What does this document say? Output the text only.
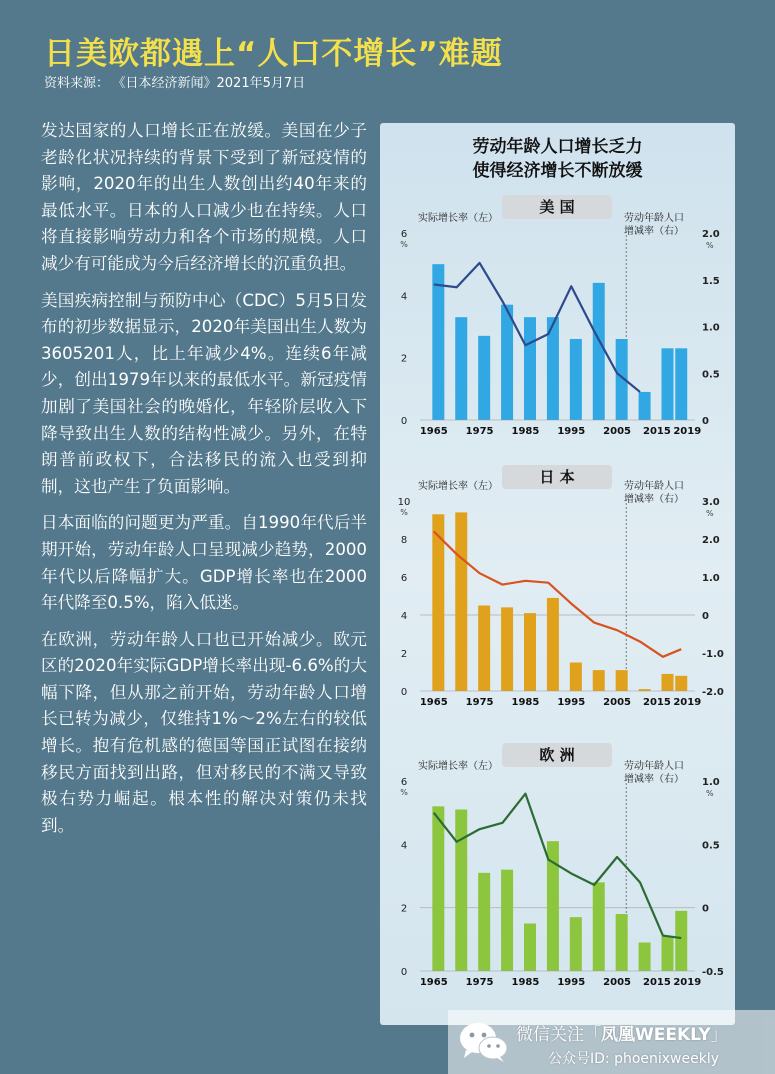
日美欧都遇上“人口不增长”难题
资料来源： 《日本经济新闻》2021年5月7日

发达国家的人口增长正在放缓。美国在少子老龄化状况持续的背景下受到了新冠疫情的影响，2020年的出生人数创出约40年来的最低水平。日本的人口减少也在持续。人口将直接影响劳动力和各个市场的规模。人口减少有可能成为今后经济增长的沉重负担。

美国疾病控制与预防中心（CDC）5月5日发布的初步数据显示，2020年美国出生人数为3605201人，比上年减少4%。连续6年减少，创出1979年以来的最低水平。新冠疫情加剧了美国社会的晚婚化，年轻阶层收入下降导致出生人数的结构性减少。另外，在特朗普前政权下，合法移民的流入也受到抑制，这也产生了负面影响。

日本面临的问题更为严重。自1990年代后半期开始，劳动年龄人口呈现减少趋势，2000年代以后降幅扩大。GDP增长率也在2000年代降至0.5%，陷入低迷。

在欧洲，劳动年龄人口也已开始减少。欧元区的2020年实际GDP增长率出现-6.6%的大幅下降，但从那之前开始，劳动年龄人口增长已转为减少，仅维持1%～2%左右的较低增长。抱有危机感的德国等国正试图在接纳移民方面找到出路，但对移民的不满又导致极右势力崛起。根本性的解决对策仍未找到。

劳动年龄人口增长乏力
使得经济增长不断放缓
美 国
实际增长率（左）	劳动年龄人口
增减率（右）
0
2
4
6
%
0
0.5
1.0
1.5
2.0
%
1965 1975 1985 1995 2005 2015 2019
日 本
实际增长率（左）	劳动年龄人口
增减率（右）
0
2
4
6
8
10
%
-2.0
-1.0
0
1.0
2.0
3.0
%
1965 1975 1985 1995 2005 2015 2019
欧 洲
实际增长率（左）	劳动年龄人口
增减率（右）
0
2
4
6
%
-0.5
0
0.5
1.0
%
1965 1975 1985 1995 2005 2015 2019
微信关注「凤凰WEEKLY」
公众号ID: phoenixweekly
